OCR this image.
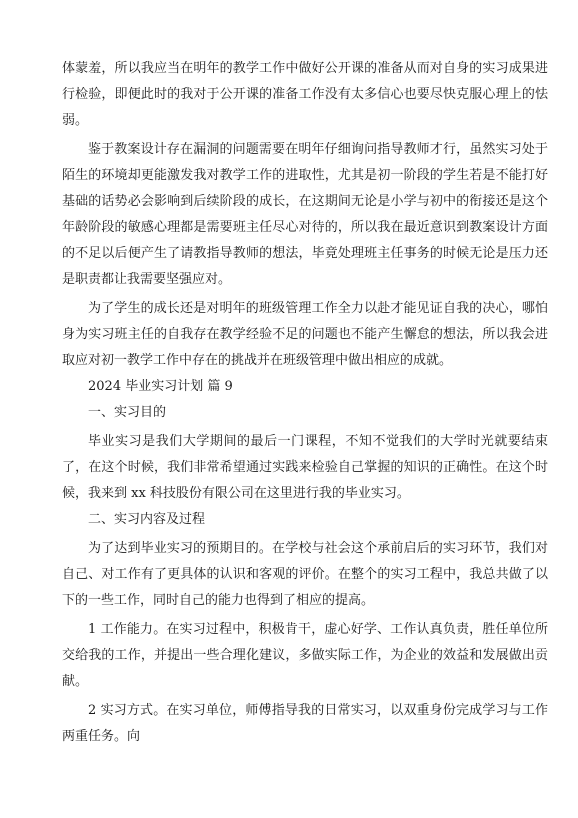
体蒙羞，所以我应当在明年的教学工作中做好公开课的准备从而对自身的实习成果进行检验，即便此时的我对于公开课的准备工作没有太多信心也要尽快克服心理上的怯弱。

鉴于教案设计存在漏洞的问题需要在明年仔细询问指导教师才行，虽然实习处于陌生的环境却更能激发我对教学工作的进取性，尤其是初一阶段的学生若是不能打好基础的话势必会影响到后续阶段的成长，在这期间无论是小学与初中的衔接还是这个年龄阶段的敏感心理都是需要班主任尽心对待的，所以我在最近意识到教案设计方面的不足以后便产生了请教指导教师的想法，毕竟处理班主任事务的时候无论是压力还是职责都让我需要坚强应对。

为了学生的成长还是对明年的班级管理工作全力以赴才能见证自我的决心，哪怕身为实习班主任的自我存在教学经验不足的问题也不能产生懈怠的想法，所以我会进取应对初一教学工作中存在的挑战并在班级管理中做出相应的成就。

2024 毕业实习计划 篇 9

一、实习目的

毕业实习是我们大学期间的最后一门课程，不知不觉我们的大学时光就要结束了，在这个时候，我们非常希望通过实践来检验自己掌握的知识的正确性。在这个时候，我来到 xx 科技股份有限公司在这里进行我的毕业实习。

二、实习内容及过程

为了达到毕业实习的预期目的。在学校与社会这个承前启后的实习环节，我们对自己、对工作有了更具体的认识和客观的评价。在整个的实习工程中，我总共做了以下的一些工作，同时自己的能力也得到了相应的提高。

1 工作能力。在实习过程中，积极肯干，虚心好学、工作认真负责，胜任单位所交给我的工作，并提出一些合理化建议，多做实际工作，为企业的效益和发展做出贡献。

2 实习方式。在实习单位，师傅指导我的日常实习，以双重身份完成学习与工作两重任务。向
